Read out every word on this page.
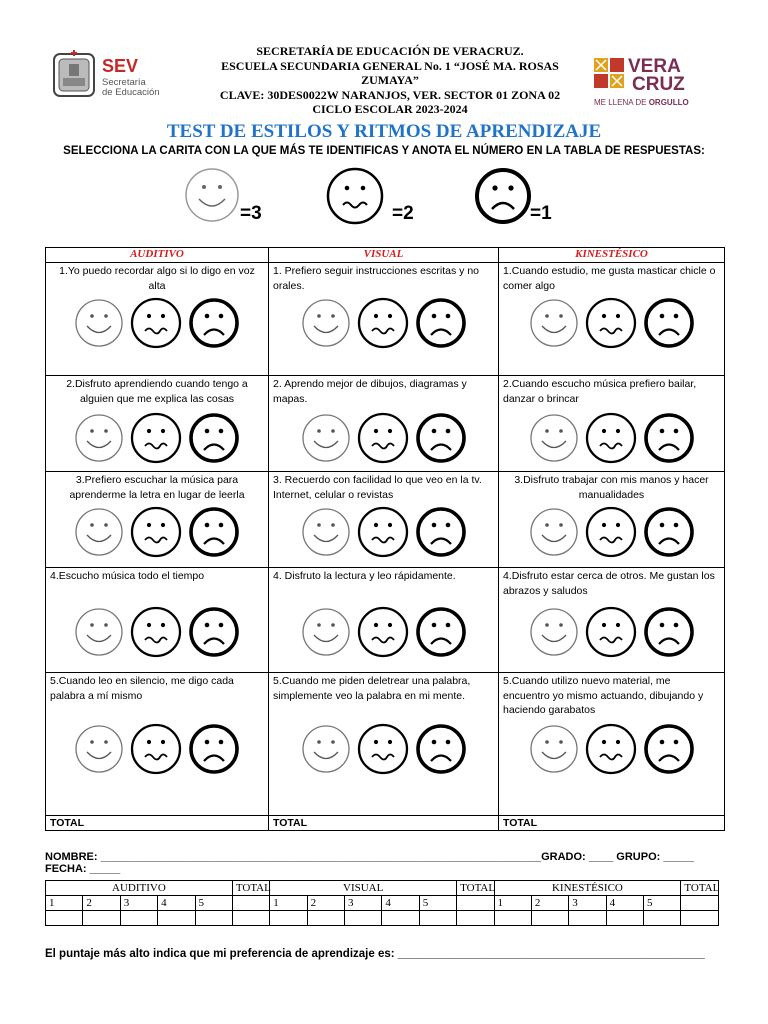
SEV
Secretaría
de Educación
SECRETARÍA DE EDUCACIÓN DE VERACRUZ.
ESCUELA SECUNDARIA GENERAL No. 1 “JOSÉ MA. ROSAS
ZUMAYA”
CLAVE: 30DES0022W NARANJOS, VER. SECTOR 01 ZONA 02
CICLO ESCOLAR 2023-2024
VERA
CRUZ
ME LLENA DE ORGULLO
TEST DE ESTILOS Y RITMOS DE APRENDIZAJE
SELECCIONA LA CARITA CON LA QUE MÁS TE IDENTIFICAS Y ANOTA EL NÚMERO EN LA TABLA DE RESPUESTAS:
=3	=2	=1
AUDITIVO	VISUAL	KINESTÉSICO

1.Yo puedo recordar algo si lo digo en voz alta	1. Prefiero seguir instrucciones escritas y no orales.	1.Cuando estudio, me gusta masticar chicle o comer algo

2.Disfruto aprendiendo cuando tengo a alguien que me explica las cosas	2. Aprendo mejor de dibujos, diagramas y mapas.	2.Cuando escucho música prefiero bailar, danzar o brincar

3.Prefiero escuchar la música para aprenderme la letra en lugar de leerla	3. Recuerdo con facilidad lo que veo en la tv. Internet, celular o revistas	3.Disfruto trabajar con mis manos y hacer manualidades

4.Escucho música todo el tiempo	4. Disfruto la lectura y leo rápidamente.	4.Disfruto estar cerca de otros. Me gustan los abrazos y saludos

5.Cuando leo en silencio, me digo cada palabra a mí mismo	5.Cuando me piden deletrear una palabra, simplemente veo la palabra en mi mente.	5.Cuando utilizo nuevo material, me encuentro yo mismo actuando, dibujando y haciendo garabatos

TOTAL	TOTAL	TOTAL
NOMBRE: ________________________________________________________________________GRADO: ____ GRUPO: _____ FECHA: _____
AUDITIVO					TOTAL	VISUAL					TOTAL	KINESTÉSICO					TOTAL
1	2	3	4	5		1	2	3	4	5		1	2	3	4	5	

El puntaje más alto indica que mi preferencia de aprendizaje es: ________________________________________________
